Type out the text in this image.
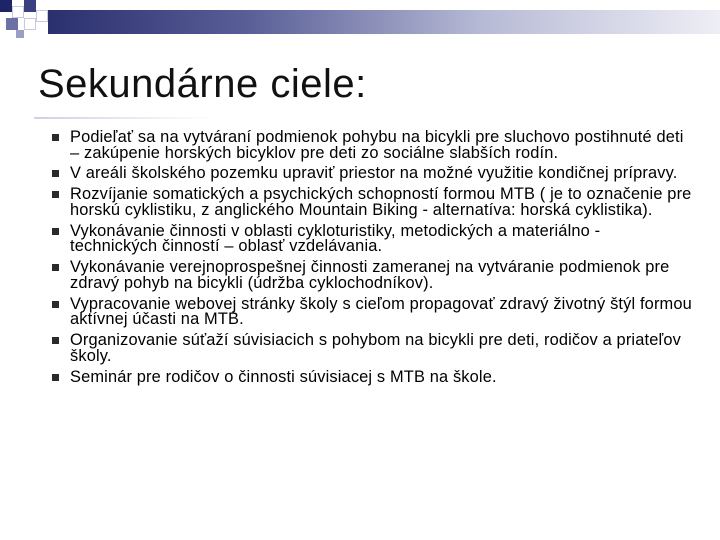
Sekundárne ciele:
Podieľať sa na vytváraní podmienok pohybu na bicykli pre sluchovo postihnuté deti – zakúpenie horských bicyklov pre deti zo sociálne slabších rodín.
V areáli školského pozemku upraviť priestor na možné využitie kondičnej prípravy.
Rozvíjanie somatických a psychických schopností formou MTB ( je to označenie pre horskú cyklistiku, z anglického Mountain Biking - alternatíva: horská cyklistika).
Vykonávanie činnosti v oblasti cykloturistiky, metodických a materiálno - technických činností – oblasť vzdelávania.
Vykonávanie verejnoprospešnej činnosti zameranej na vytváranie podmienok pre zdravý pohyb na bicykli (údržba cyklochodníkov).
Vypracovanie webovej stránky školy s cieľom propagovať zdravý životný štýl formou aktívnej účasti na MTB.
Organizovanie súťaží súvisiacich s pohybom na bicykli pre deti, rodičov a priateľov školy.
Seminár pre rodičov o činnosti súvisiacej s MTB na škole.
